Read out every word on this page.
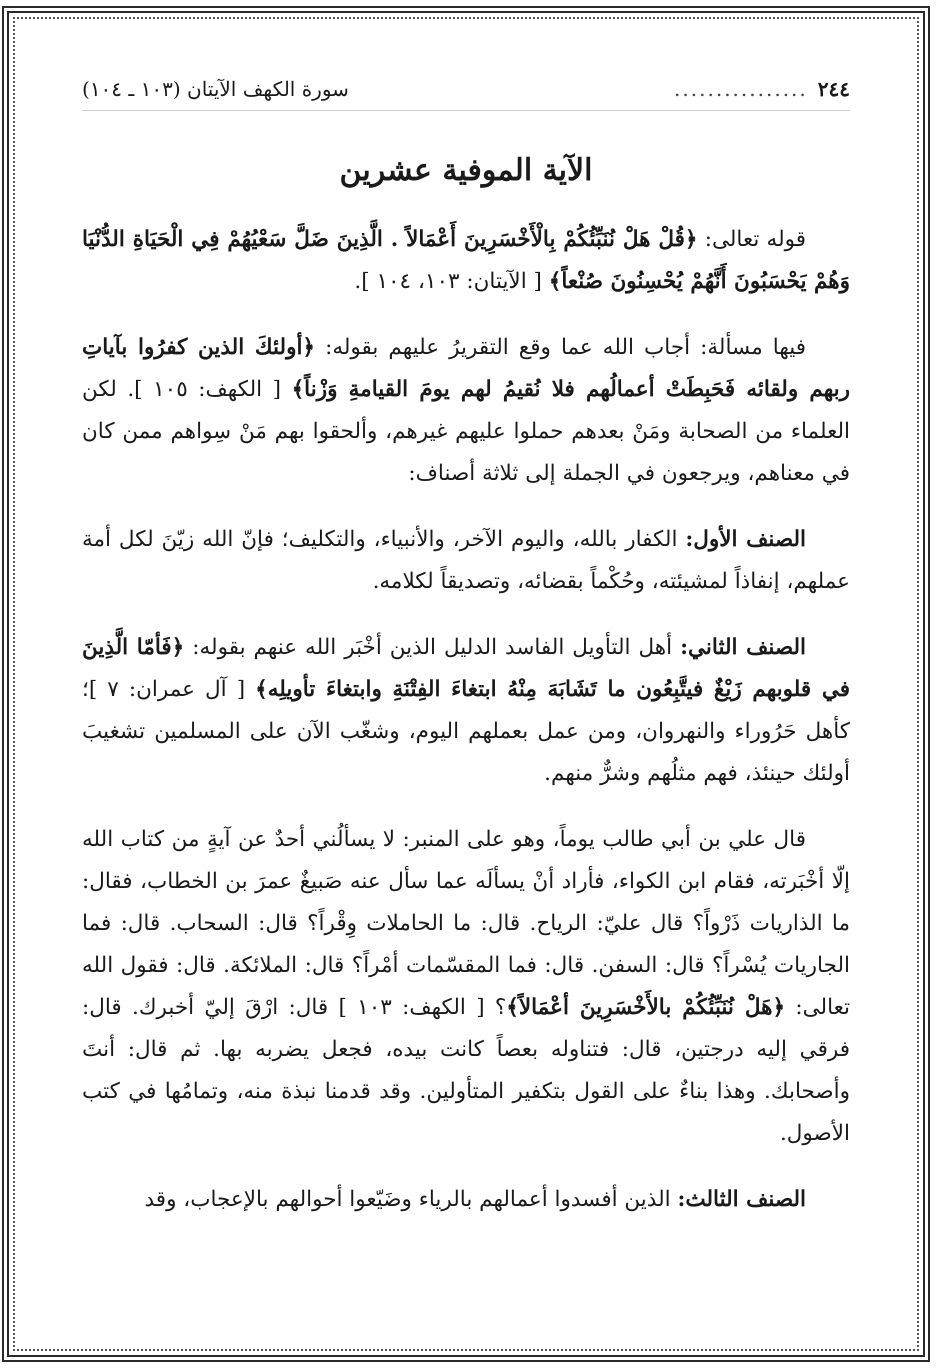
٢٤٤
................
سورة الكهف الآيتان (١٠٣ ـ ١٠٤)
الآية الموفية عشرين

قوله تعالى: ﴿قُلْ هَلْ نُنَبِّئُكُمْ بِالْأَخْسَرِينَ أَعْمَالاً . الَّذِينَ ضَلَّ سَعْيُهُمْ فِي الْحَيَاةِ الدُّنْيَا وَهُمْ يَحْسَبُونَ أَنَّهُمْ يُحْسِنُونَ صُنْعاً﴾ [ الآيتان: ١٠٣، ١٠٤ ].

فيها مسألة: أجاب الله عما وقع التقريرُ عليهم بقوله: ﴿أولئكَ الذين كفرُوا بآياتِ ربهم ولقائه فَحَبِطَتْ أعمالُهم فلا نُقيمُ لهم يومَ القيامةِ وَزْناً﴾ [ الكهف: ١٠٥ ]. لكن العلماء من الصحابة ومَنْ بعدهم حملوا عليهم غيرهم، وألحقوا بهم مَنْ سِواهم ممن كان في معناهم، ويرجعون في الجملة إلى ثلاثة أصناف:

الصنف الأول: الكفار بالله، واليوم الآخر، والأنبياء، والتكليف؛ فإنّ الله زيّنَ لكل أمة عملهم، إنفاذاً لمشيئته، وحُكْماً بقضائه، وتصديقاً لكلامه.

الصنف الثاني: أهل التأويل الفاسد الدليل الذين أخْبَر الله عنهم بقوله: ﴿فَأمّا الَّذِينَ في قلوبهم زَيْغٌ فيتَّبِعُون ما تَشَابَهَ مِنْهُ ابتغاءَ الفِتْنَةِ وابتغاءَ تأويلِه﴾ [ آل عمران: ٧ ]؛ كأهل حَرُوراء والنهروان، ومن عمل بعملهم اليوم، وشغّب الآن على المسلمين تشغيبَ أولئك حينئذ، فهم مثلُهم وشرٌّ منهم.

قال علي بن أبي طالب يوماً، وهو على المنبر: لا يسألُني أحدٌ عن آيةٍ من كتاب الله إلّا أخْبَرته، فقام ابن الكواء، فأراد أنْ يسألَه عما سأل عنه صَبيغٌ عمرَ بن الخطاب، فقال: ما الذاريات ذَرْواً؟ قال عليّ: الرياح. قال: ما الحاملات وِقْراً؟ قال: السحاب. قال: فما الجاريات يُسْراً؟ قال: السفن. قال: فما المقسّمات أمْراً؟ قال: الملائكة. قال: فقول الله تعالى: ﴿هَلْ نُنَبِّئُكُمْ بالأَخْسَرِينَ أعْمَالاً﴾؟ [ الكهف: ١٠٣ ] قال: ارْقَ إليّ أخبرك. قال: فرقي إليه درجتين، قال: فتناوله بعصاً كانت بيده، فجعل يضربه بها. ثم قال: أنتَ وأصحابك. وهذا بناءٌ على القول بتكفير المتأولين. وقد قدمنا نبذة منه، وتمامُها في كتب الأصول.

الصنف الثالث: الذين أفسدوا أعمالهم بالرياء وضَيّعوا أحوالهم بالإعجاب، وقد
